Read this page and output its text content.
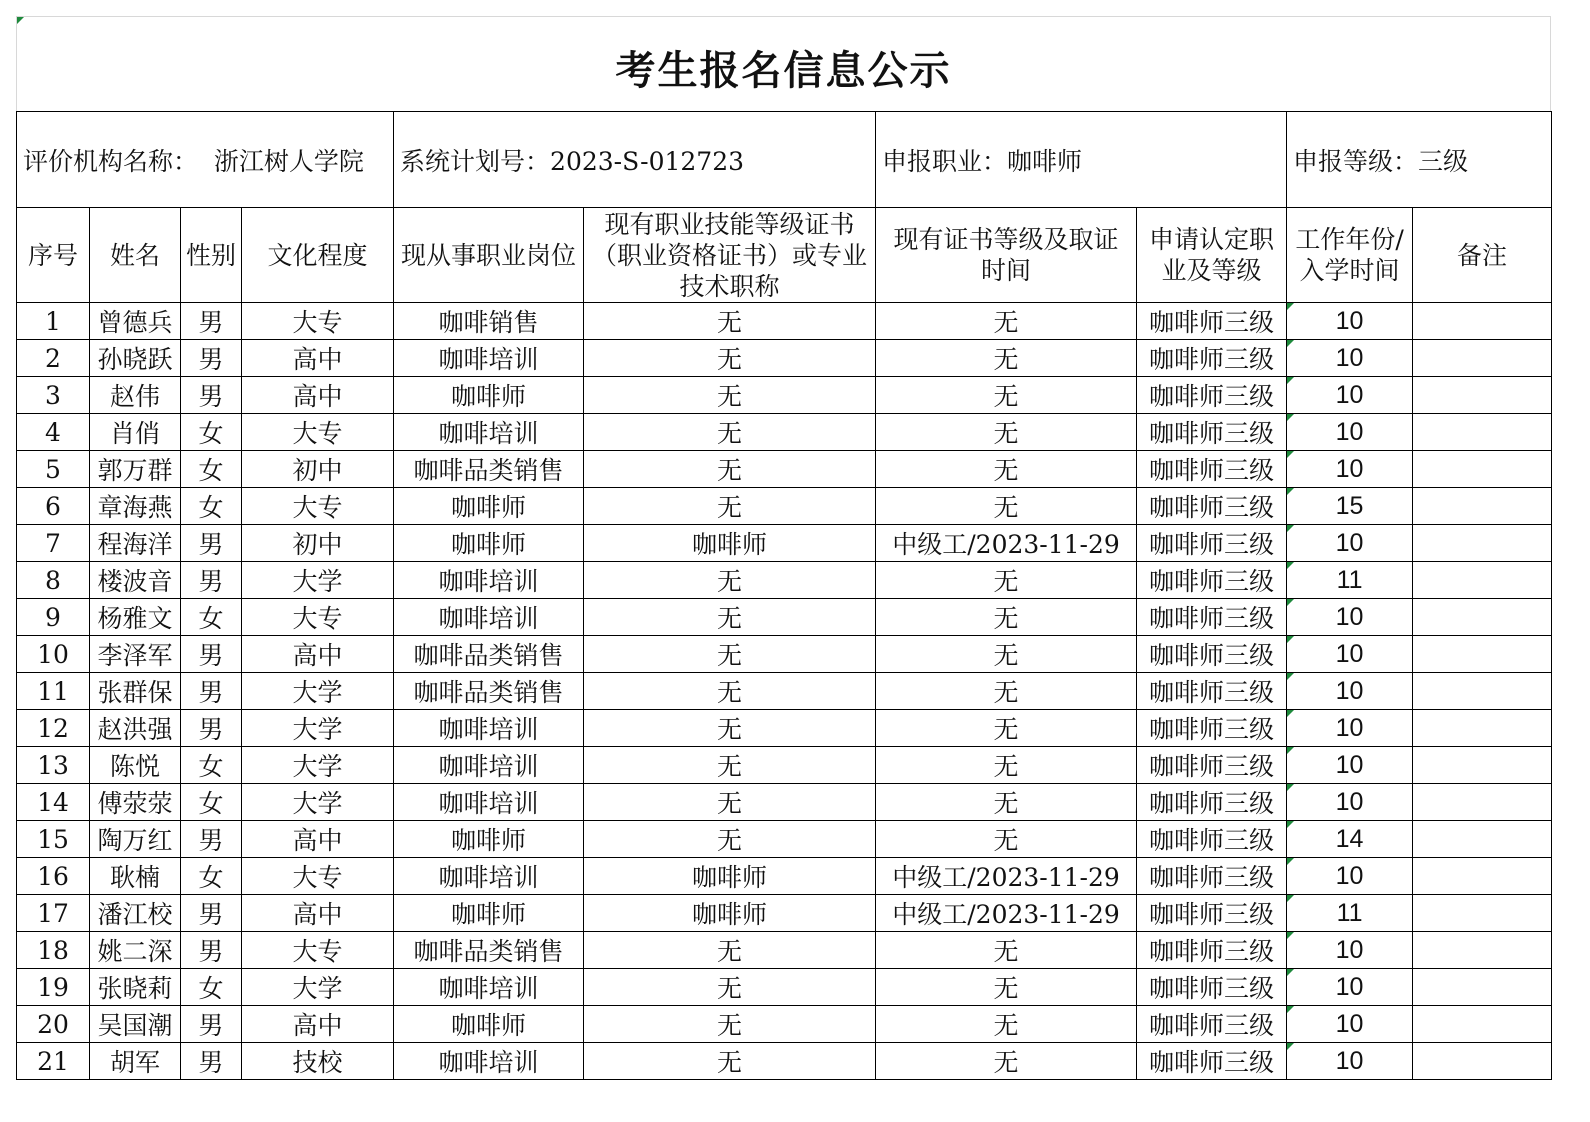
考生报名信息公示
评价机构名称：  浙江树人学院				系统计划号：2023-S-012723		申报职业：咖啡师		申报等级：三级	
序号	姓名	性别	文化程度	现从事职业岗位	现有职业技能等级证书（职业资格证书）或专业技术职称	现有证书等级及取证时间	申请认定职业及等级	工作年份/入学时间	备注
1	曾德兵	男	大专	咖啡销售	无	无	咖啡师三级	10

2	孙晓跃	男	高中	咖啡培训	无	无	咖啡师三级	10

3	赵伟	男	高中	咖啡师	无	无	咖啡师三级	10

4	肖俏	女	大专	咖啡培训	无	无	咖啡师三级	10

5	郭万群	女	初中	咖啡品类销售	无	无	咖啡师三级	10

6	章海燕	女	大专	咖啡师	无	无	咖啡师三级	15

7	程海洋	男	初中	咖啡师	咖啡师	中级工/2023-11-29	咖啡师三级	10

8	楼波音	男	大学	咖啡培训	无	无	咖啡师三级	11

9	杨雅文	女	大专	咖啡培训	无	无	咖啡师三级	10

10	李泽军	男	高中	咖啡品类销售	无	无	咖啡师三级	10

11	张群保	男	大学	咖啡品类销售	无	无	咖啡师三级	10

12	赵洪强	男	大学	咖啡培训	无	无	咖啡师三级	10

13	陈悦	女	大学	咖啡培训	无	无	咖啡师三级	10

14	傅荥荥	女	大学	咖啡培训	无	无	咖啡师三级	10

15	陶万红	男	高中	咖啡师	无	无	咖啡师三级	14

16	耿楠	女	大专	咖啡培训	咖啡师	中级工/2023-11-29	咖啡师三级	10

17	潘江校	男	高中	咖啡师	咖啡师	中级工/2023-11-29	咖啡师三级	11

18	姚二深	男	大专	咖啡品类销售	无	无	咖啡师三级	10

19	张晓莉	女	大学	咖啡培训	无	无	咖啡师三级	10

20	吴国潮	男	高中	咖啡师	无	无	咖啡师三级	10

21	胡军	男	技校	咖啡培训	无	无	咖啡师三级	10
